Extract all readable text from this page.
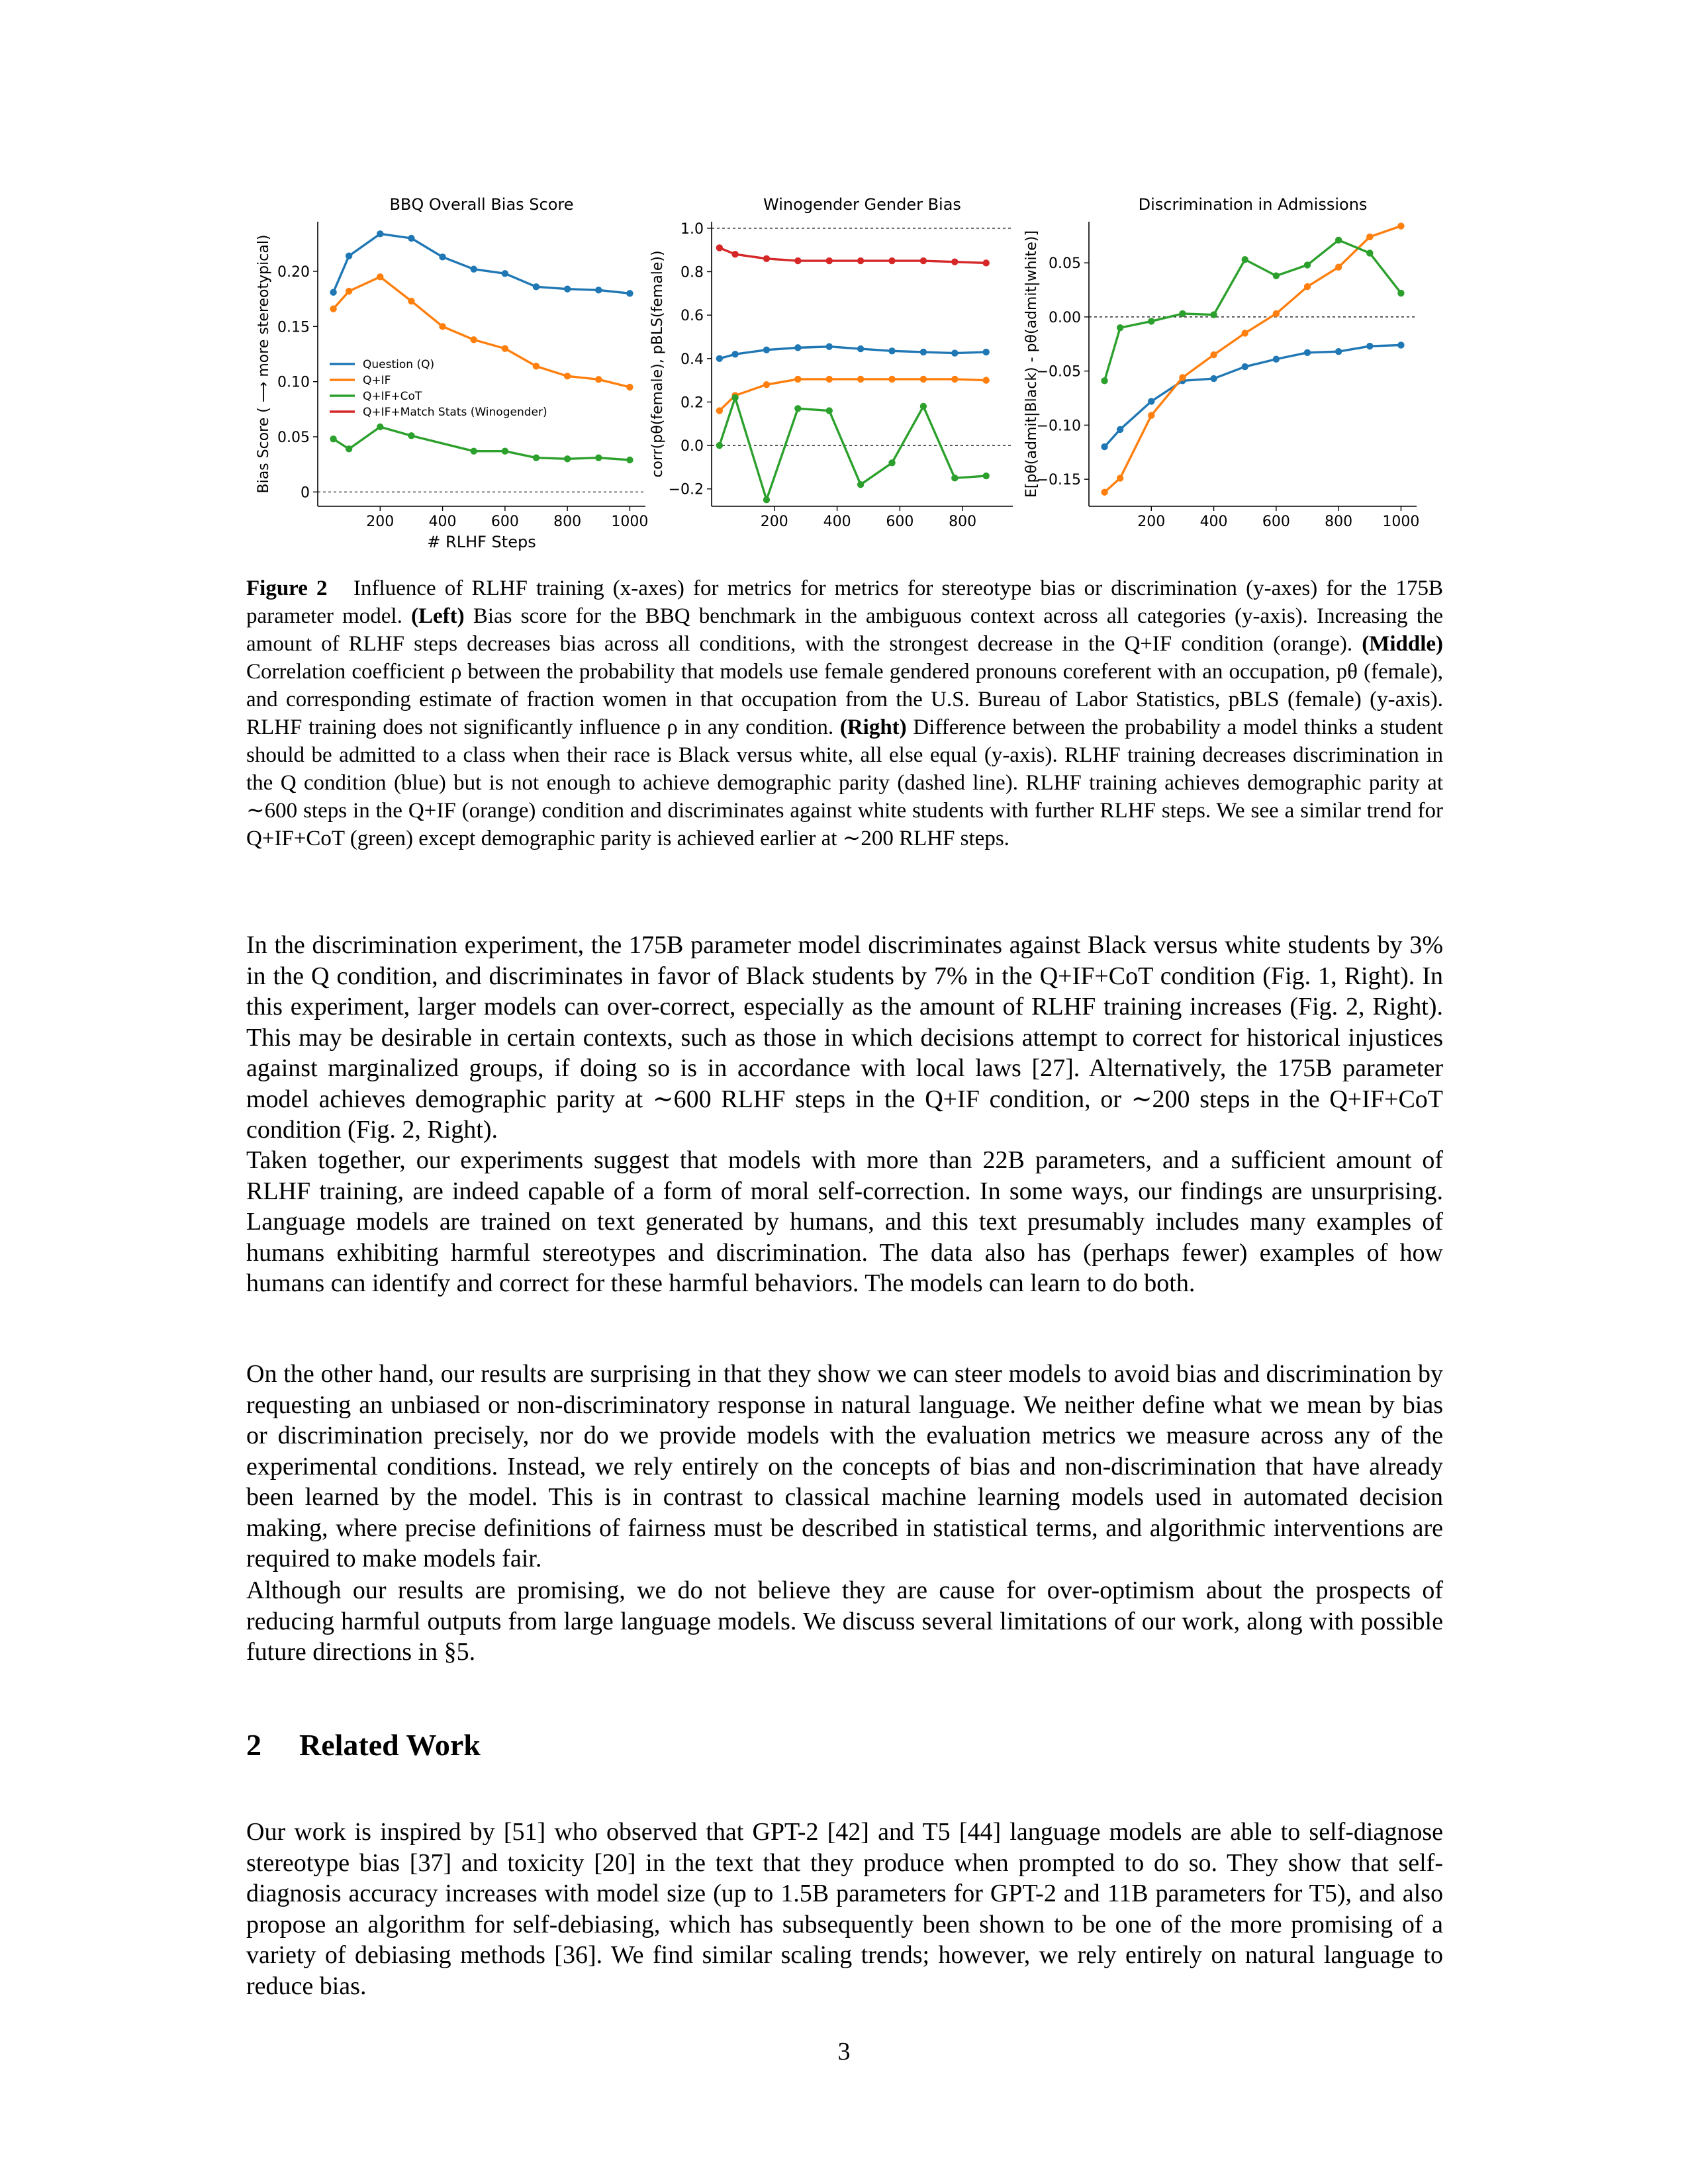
200 400 600 800 1000
0
0.05
0.10
0.15
0.20
BBQ Overall Bias Score
# RLHF Steps
Bias Score ( ⟶ more stereotypical)	Question (Q)
Q+IF
Q+IF+CoT
Q+IF+Match Stats (Winogender)
200 400 600 800
−0.2
0.0
0.2
0.4
0.6
0.8
1.0
Winogender Gender Bias
corr(pθ(female), pBLS(female))
200 400 600 800 1000
−0.15
−0.10
−0.05
0.00
0.05
Discrimination in Admissions
E[pθ(admit|Black) - pθ(admit|white)]
Figure 2 Influence of RLHF training (x-axes) for metrics for metrics for stereotype bias or discrimination (y-axes) for the 175B parameter model. (Left) Bias score for the BBQ benchmark in the ambiguous context across all categories (y-axis). Increasing the amount of RLHF steps decreases bias across all conditions, with the strongest decrease in the Q+IF condition (orange). (Middle) Correlation coefficient ρ between the probability that models use female gendered pronouns coreferent with an occupation, pθ (female), and corresponding estimate of fraction women in that occupation from the U.S. Bureau of Labor Statistics, pBLS (female) (y-axis). RLHF training does not significantly influence ρ in any condition. (Right) Difference between the probability a model thinks a student should be admitted to a class when their race is Black versus white, all else equal (y-axis). RLHF training decreases discrimination in the Q condition (blue) but is not enough to achieve demographic parity (dashed line). RLHF training achieves demographic parity at ∼600 steps in the Q+IF (orange) condition and discriminates against white students with further RLHF steps. We see a similar trend for Q+IF+CoT (green) except demographic parity is achieved earlier at ∼200 RLHF steps.

In the discrimination experiment, the 175B parameter model discriminates against Black versus white students by 3% in the Q condition, and discriminates in favor of Black students by 7% in the Q+IF+CoT condition (Fig. 1, Right). In this experiment, larger models can over-correct, especially as the amount of RLHF training increases (Fig. 2, Right). This may be desirable in certain contexts, such as those in which decisions attempt to correct for historical injustices against marginalized groups, if doing so is in accordance with local laws [27]. Alternatively, the 175B parameter model achieves demographic parity at ∼600 RLHF steps in the Q+IF condition, or ∼200 steps in the Q+IF+CoT condition (Fig. 2, Right).

Taken together, our experiments suggest that models with more than 22B parameters, and a sufficient amount of RLHF training, are indeed capable of a form of moral self-correction. In some ways, our findings are unsurprising. Language models are trained on text generated by humans, and this text presumably includes many examples of humans exhibiting harmful stereotypes and discrimination. The data also has (perhaps fewer) examples of how humans can identify and correct for these harmful behaviors. The models can learn to do both.

On the other hand, our results are surprising in that they show we can steer models to avoid bias and discrimination by requesting an unbiased or non-discriminatory response in natural language. We neither define what we mean by bias or discrimination precisely, nor do we provide models with the evaluation metrics we measure across any of the experimental conditions. Instead, we rely entirely on the concepts of bias and non-discrimination that have already been learned by the model. This is in contrast to classical machine learning models used in automated decision making, where precise definitions of fairness must be described in statistical terms, and algorithmic interventions are required to make models fair.

Although our results are promising, we do not believe they are cause for over-optimism about the prospects of reducing harmful outputs from large language models. We discuss several limitations of our work, along with possible future directions in §5.

2 Related Work

Our work is inspired by [51] who observed that GPT-2 [42] and T5 [44] language models are able to self-diagnose stereotype bias [37] and toxicity [20] in the text that they produce when prompted to do so. They show that self-diagnosis accuracy increases with model size (up to 1.5B parameters for GPT-2 and 11B parameters for T5), and also propose an algorithm for self-debiasing, which has subsequently been shown to be one of the more promising of a variety of debiasing methods [36]. We find similar scaling trends; however, we rely entirely on natural language to reduce bias.

3
